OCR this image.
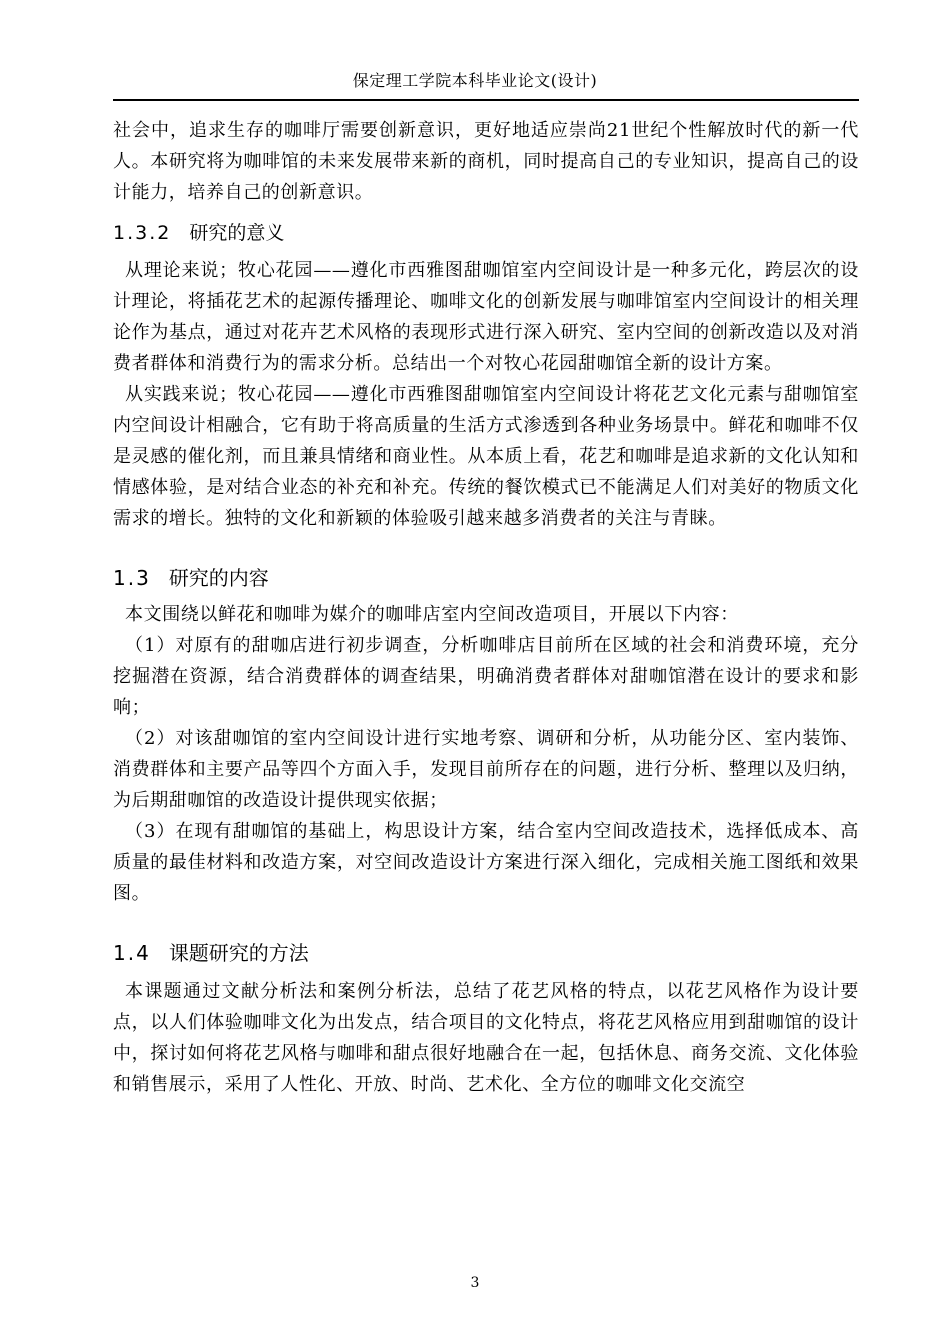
保定理工学院本科毕业论文(设计)

社会中，追求生存的咖啡厅需要创新意识，更好地适应崇尚21世纪个性解放时代的新一代人。本研究将为咖啡馆的未来发展带来新的商机，同时提高自己的专业知识，提高自己的设计能力，培养自己的创新意识。

1.3.2 研究的意义

从理论来说；牧心花园——遵化市西雅图甜咖馆室内空间设计是一种多元化，跨层次的设计理论，将插花艺术的起源传播理论、咖啡文化的创新发展与咖啡馆室内空间设计的相关理论作为基点，通过对花卉艺术风格的表现形式进行深入研究、室内空间的创新改造以及对消费者群体和消费行为的需求分析。总结出一个对牧心花园甜咖馆全新的设计方案。

从实践来说；牧心花园——遵化市西雅图甜咖馆室内空间设计将花艺文化元素与甜咖馆室内空间设计相融合，它有助于将高质量的生活方式渗透到各种业务场景中。鲜花和咖啡不仅是灵感的催化剂，而且兼具情绪和商业性。从本质上看，花艺和咖啡是追求新的文化认知和情感体验，是对结合业态的补充和补充。传统的餐饮模式已不能满足人们对美好的物质文化需求的增长。独特的文化和新颖的体验吸引越来越多消费者的关注与青睐。

1.3 研究的内容

本文围绕以鲜花和咖啡为媒介的咖啡店室内空间改造项目，开展以下内容：

（1）对原有的甜咖店进行初步调查，分析咖啡店目前所在区域的社会和消费环境，充分挖掘潜在资源，结合消费群体的调查结果，明确消费者群体对甜咖馆潜在设计的要求和影响；

（2）对该甜咖馆的室内空间设计进行实地考察、调研和分析，从功能分区、室内装饰、消费群体和主要产品等四个方面入手，发现目前所存在的问题，进行分析、整理以及归纳，为后期甜咖馆的改造设计提供现实依据；

（3）在现有甜咖馆的基础上，构思设计方案，结合室内空间改造技术，选择低成本、高质量的最佳材料和改造方案，对空间改造设计方案进行深入细化，完成相关施工图纸和效果图。

1.4 课题研究的方法

本课题通过文献分析法和案例分析法，总结了花艺风格的特点，以花艺风格作为设计要点，以人们体验咖啡文化为出发点，结合项目的文化特点，将花艺风格应用到甜咖馆的设计中，探讨如何将花艺风格与咖啡和甜点很好地融合在一起，包括休息、商务交流、文化体验和销售展示，采用了人性化、开放、时尚、艺术化、全方位的咖啡文化交流空

3
